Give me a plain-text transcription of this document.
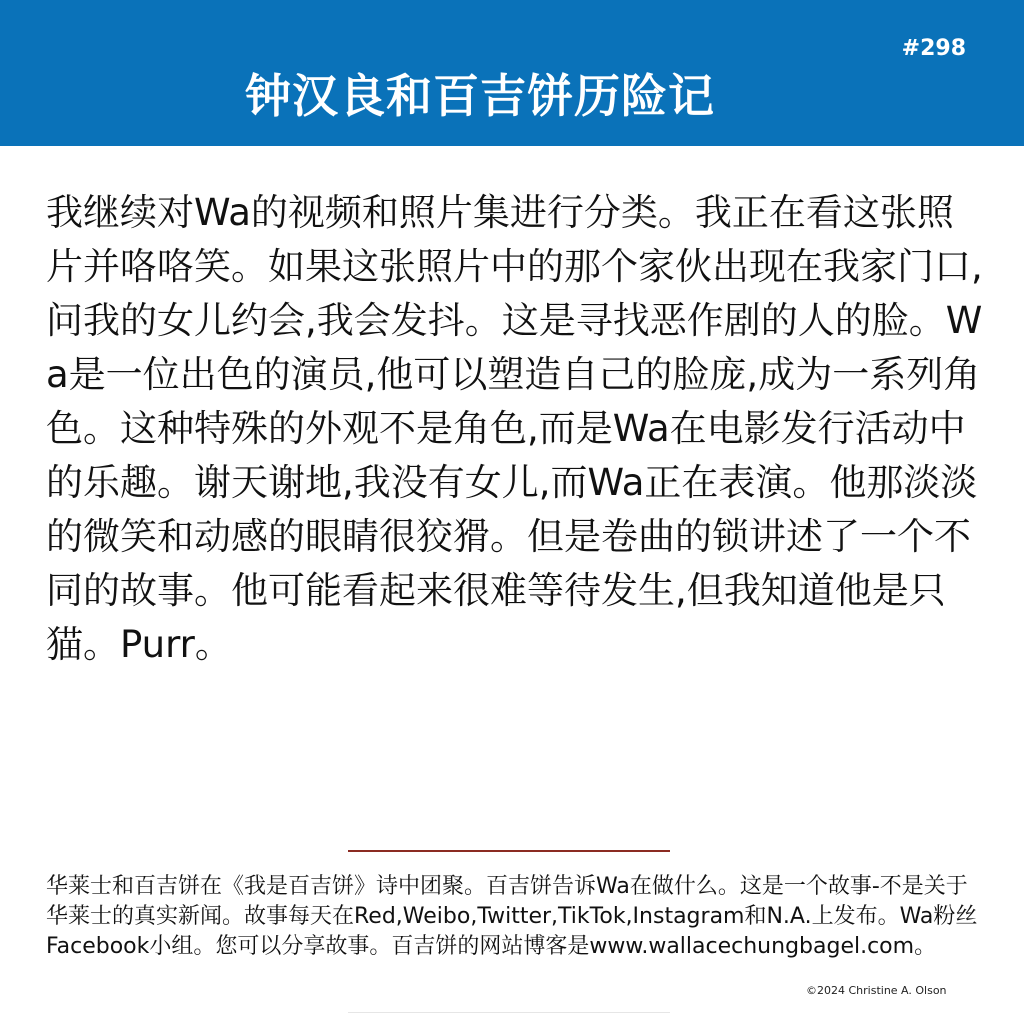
钟汉良和百吉饼历险记
#298

我继续对Wa的视频和照片集进行分类。我正在看这张照片并咯咯笑。如果这张照片中的那个家伙出现在我家门口,问我的女儿约会,我会发抖。这是寻找恶作剧的人的脸。Wa是一位出色的演员,他可以塑造自己的脸庞,成为一系列角色。这种特殊的外观不是角色,而是Wa在电影发行活动中的乐趣。谢天谢地,我没有女儿,而Wa正在表演。他那淡淡的微笑和动感的眼睛很狡猾。但是卷曲的锁讲述了一个不同的故事。他可能看起来很难等待发生,但我知道他是只猫。Purr。

华莱士和百吉饼在《我是百吉饼》诗中团聚。百吉饼告诉Wa在做什么。这是一个故事-不是关于华莱士的真实新闻。故事每天在Red,Weibo,Twitter,TikTok,Instagram和N.A.上发布。Wa粉丝Facebook小组。您可以分享故事。百吉饼的网站博客是www.wallacechungbagel.com。

©2024 Christine A. Olson
